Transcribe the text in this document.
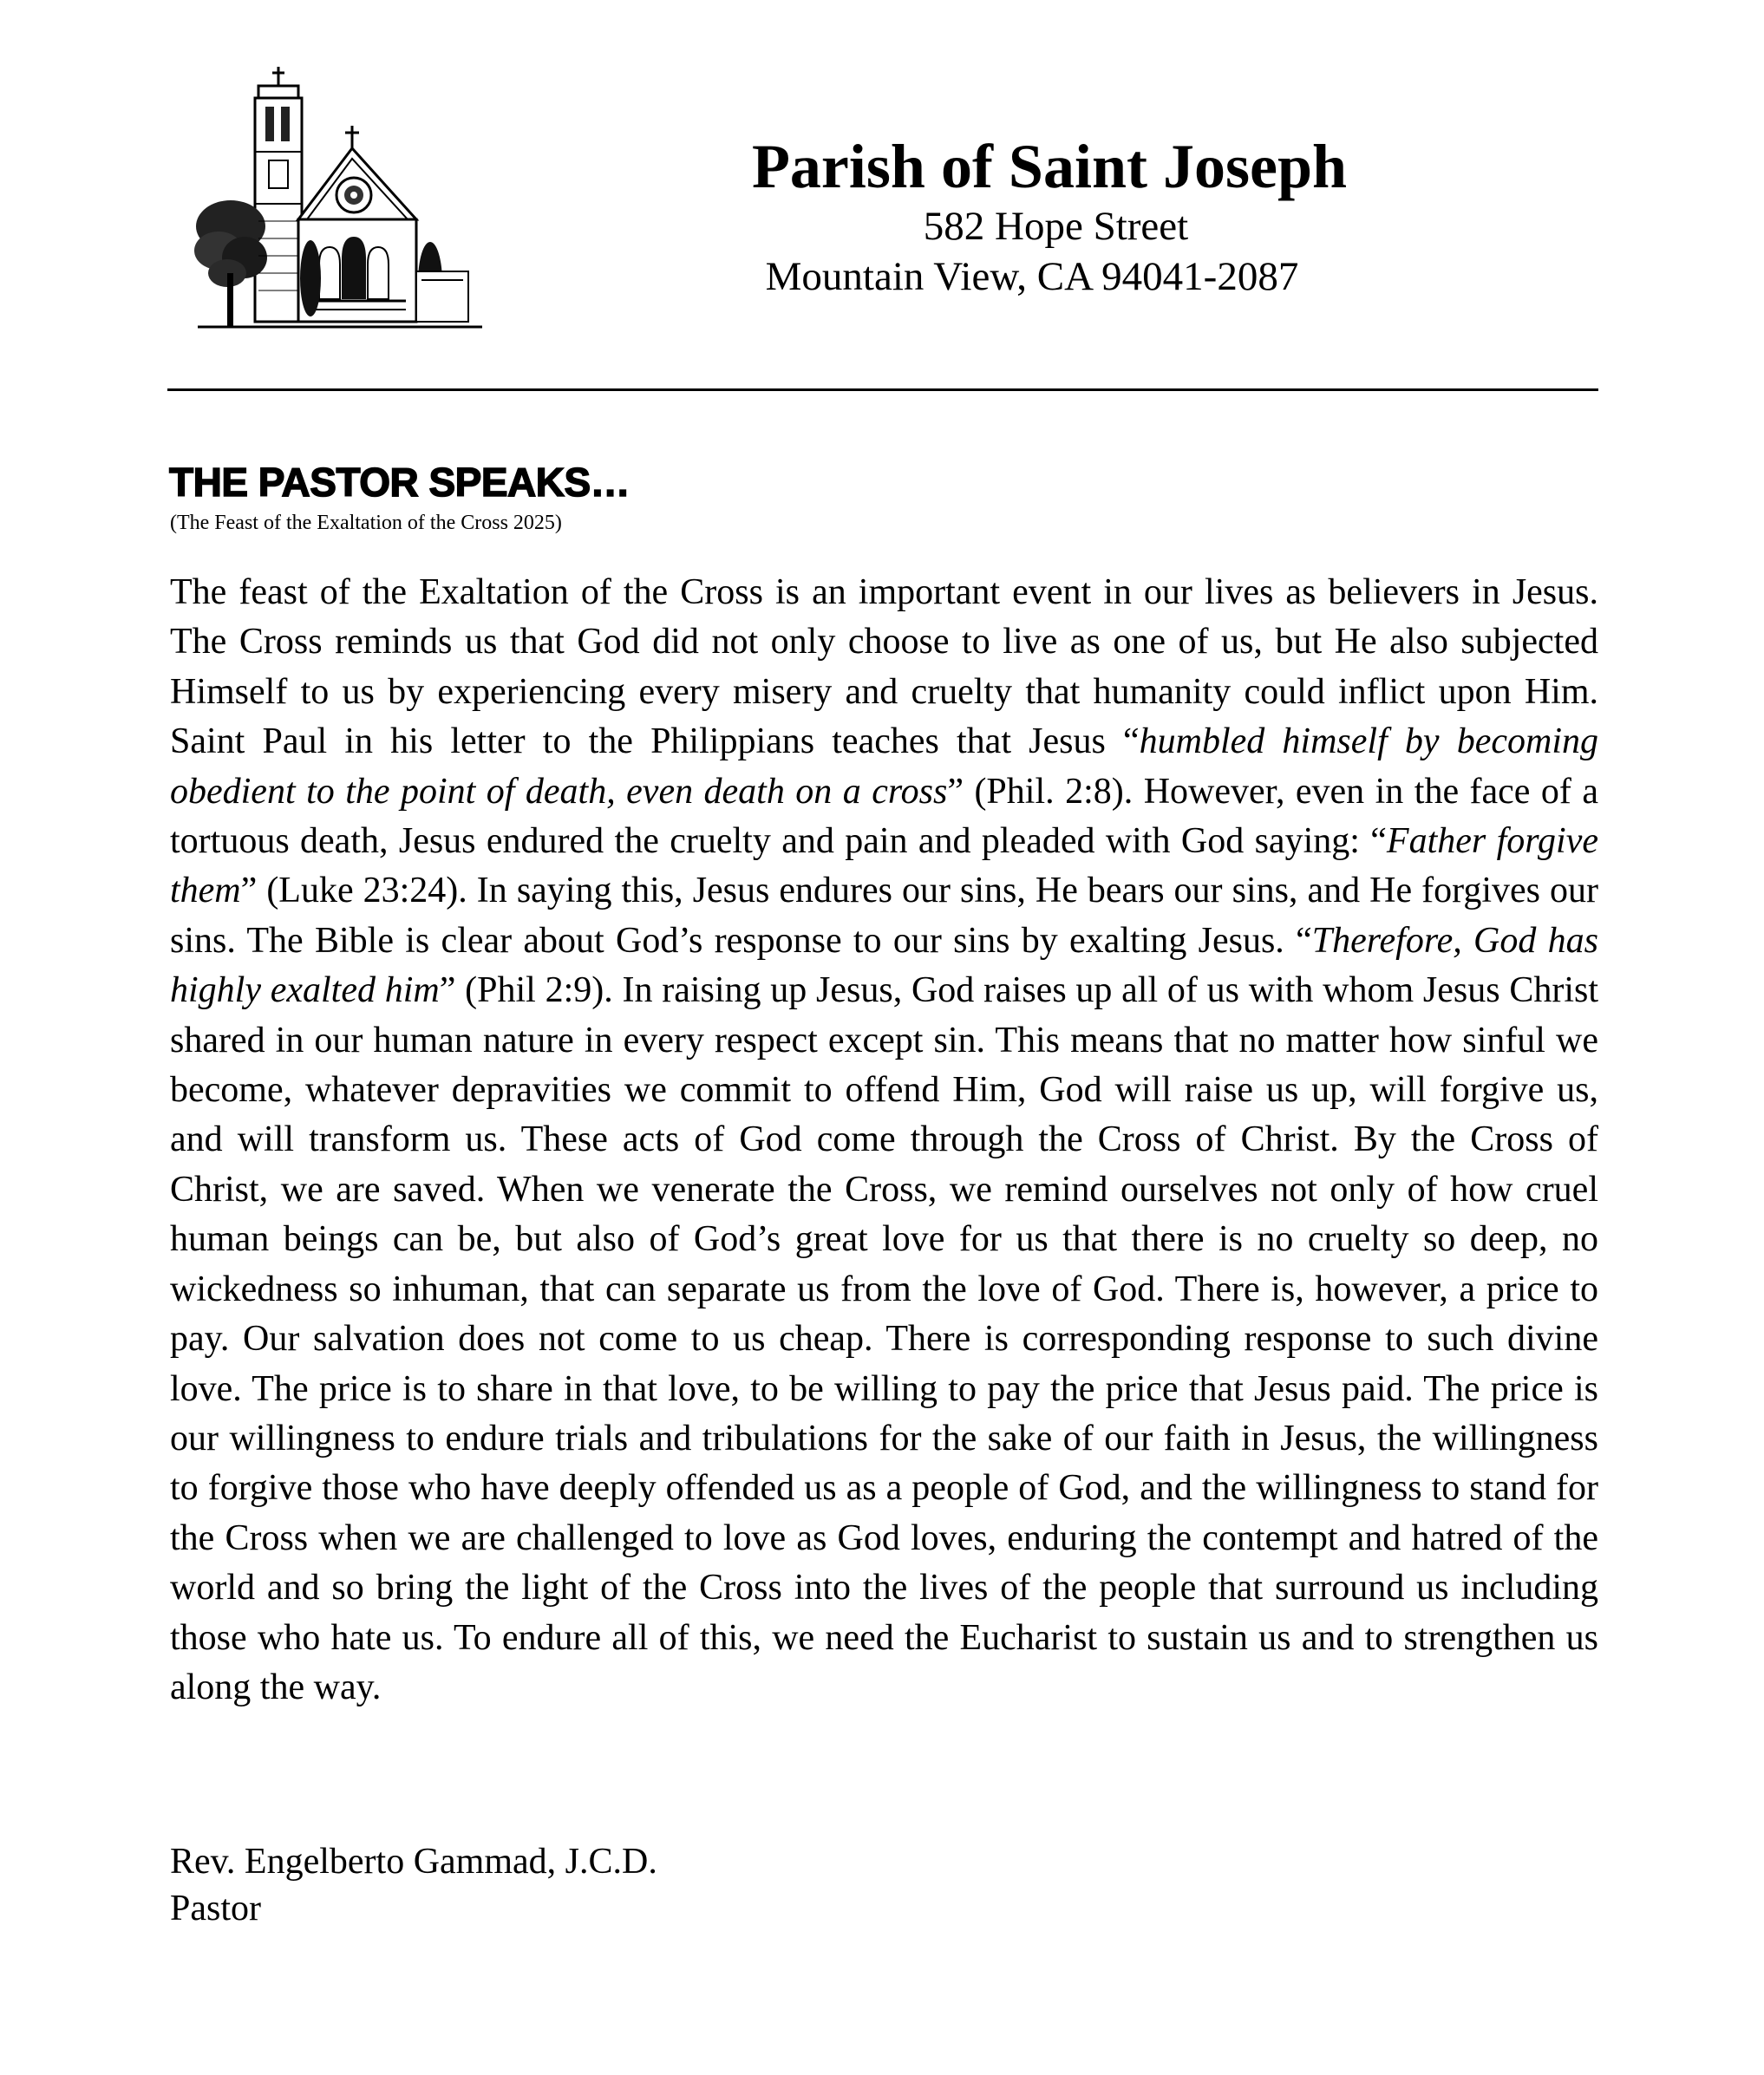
Parish of Saint Joseph

582 Hope Street

Mountain View, CA 94041-2087

THE PASTOR SPEAKS…

(The Feast of the Exaltation of the Cross 2025)

The feast of the Exaltation of the Cross is an important event in our lives as believers in Jesus. The Cross reminds us that God did not only choose to live as one of us, but He also subjected Himself to us by experiencing every misery and cruelty that humanity could inflict upon Him. Saint Paul in his letter to the Philippians teaches that Jesus “humbled himself by becoming obedient to the point of death, even death on a cross” (Phil. 2:8). However, even in the face of a tortuous death, Jesus endured the cruelty and pain and pleaded with God saying: “Father forgive them” (Luke 23:24). In saying this, Jesus endures our sins, He bears our sins, and He forgives our sins. The Bible is clear about God’s response to our sins by exalting Jesus. “Therefore, God has highly exalted him” (Phil 2:9). In raising up Jesus, God raises up all of us with whom Jesus Christ shared in our human nature in every respect except sin. This means that no matter how sinful we become, whatever depravities we commit to offend Him, God will raise us up, will forgive us, and will transform us. These acts of God come through the Cross of Christ. By the Cross of Christ, we are saved. When we venerate the Cross, we remind ourselves not only of how cruel human beings can be, but also of God’s great love for us that there is no cruelty so deep, no wickedness so inhuman, that can separate us from the love of God. There is, however, a price to pay. Our salvation does not come to us cheap. There is corresponding response to such divine love. The price is to share in that love, to be willing to pay the price that Jesus paid. The price is our willingness to endure trials and tribulations for the sake of our faith in Jesus, the willingness to forgive those who have deeply offended us as a people of God, and the willingness to stand for the Cross when we are challenged to love as God loves, enduring the contempt and hatred of the world and so bring the light of the Cross into the lives of the people that surround us including those who hate us. To endure all of this, we need the Eucharist to sustain us and to strengthen us along the way.

Rev. Engelberto Gammad, J.C.D.
Pastor
